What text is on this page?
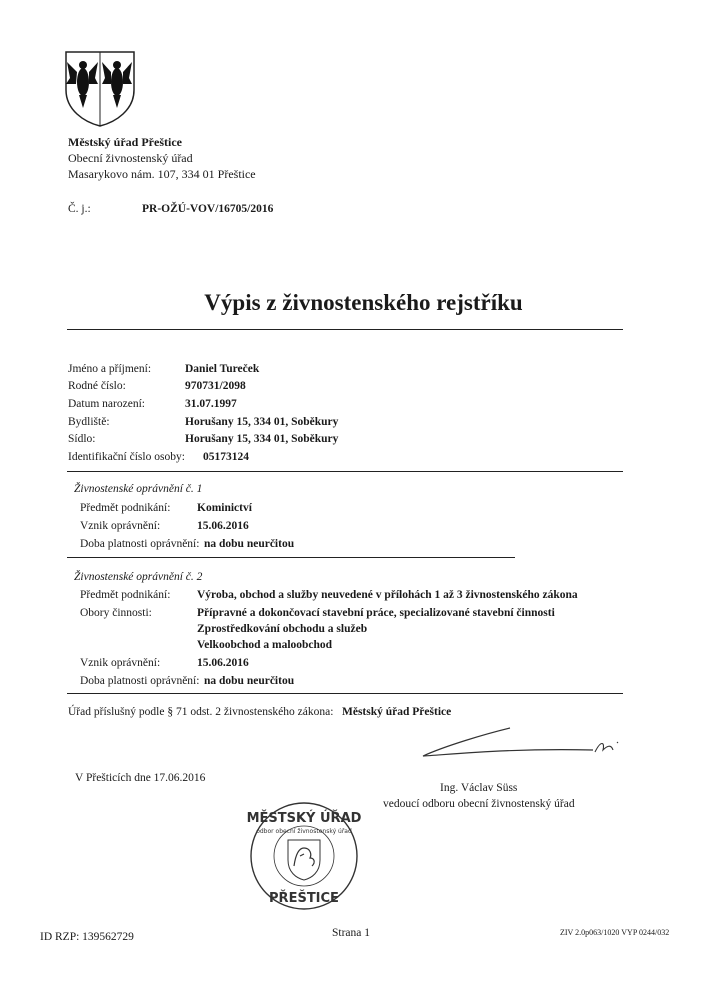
Městský úřad Přeštice
Obecní živnostenský úřad
Masarykovo nám. 107, 334 01 Přeštice
Č. j.:	PR-OŽÚ-VOV/16705/2016
Výpis z živnostenského rejstříku
Jméno a příjmení:	Daniel Tureček
Rodné číslo:	970731/2098
Datum narození:	31.07.1997
Bydliště:	Horušany 15, 334 01, Soběkury
Sídlo:	Horušany 15, 334 01, Soběkury
Identifikační číslo osoby: 05173124
Živnostenské oprávnění č. 1
Předmět podnikání: Kominictví
Vznik oprávnění:	15.06.2016
Doba platnosti oprávnění: na dobu neurčitou
Živnostenské oprávnění č. 2
Předmět podnikání: Výroba, obchod a služby neuvedené v přílohách 1 až 3 živnostenského zákona
Obory činnosti:	Přípravné a dokončovací stavební práce, specializované stavební činnosti
Zprostředkování obchodu a služeb
Velkoobchod a maloobchod
Vznik oprávnění:	15.06.2016
Doba platnosti oprávnění: na dobu neurčitou
Úřad příslušný podle § 71 odst. 2 živnostenského zákona: Městský úřad Přeštice
V Přešticích dne 17.06.2016
Ing. Václav Süss
vedoucí odboru obecní živnostenský úřad
MĚSTSKÝ ÚŘAD
odbor obecní živnostenský úřad
PŘEŠTICE
ID RZP: 139562729	Strana 1	ZIV 2.0p063/1020 VYP 0244/032
